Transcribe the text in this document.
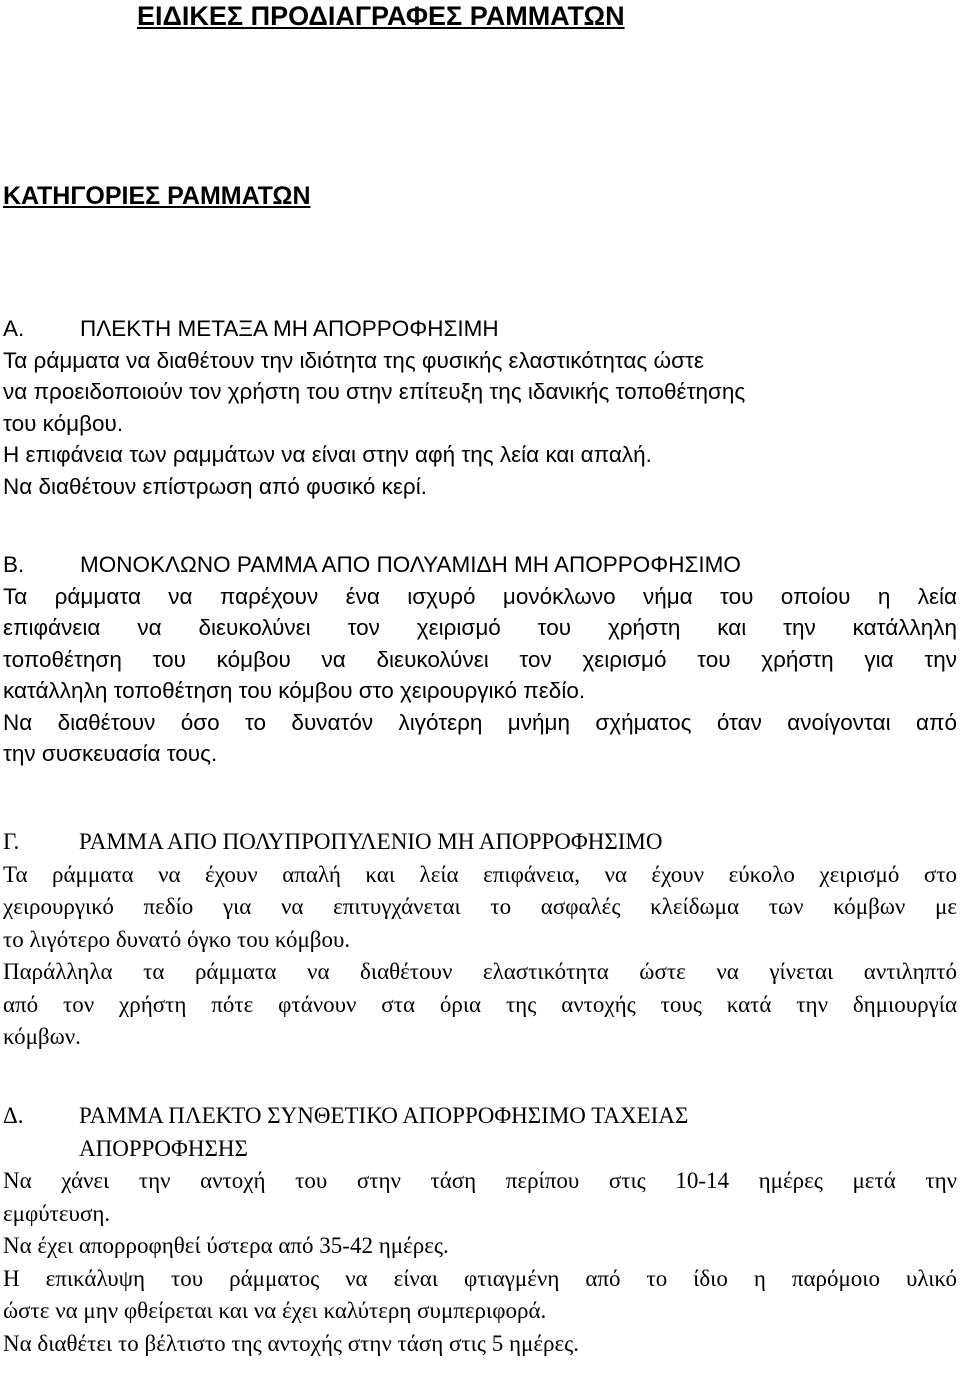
ΕΙΔΙΚΕΣ ΠΡΟΔΙΑΓΡΑΦΕΣ ΡΑΜΜΑΤΩΝ
ΚΑΤΗΓΟΡΙΕΣ ΡΑΜΜΑΤΩΝ
Α.	ΠΛΕΚΤΗ ΜΕΤΑΞΑ ΜΗ ΑΠΟΡΡΟΦΗΣΙΜΗ
Τα ράμματα να διαθέτουν την ιδιότητα της φυσικής ελαστικότητας ώστε
να προειδοποιούν τον χρήστη του στην επίτευξη της ιδανικής τοποθέτησης
του κόμβου.
Η επιφάνεια των ραμμάτων να είναι στην αφή της λεία και απαλή.
Να διαθέτουν επίστρωση από φυσικό κερί.
Β.	ΜΟΝΟΚΛΩΝΟ ΡΑΜΜΑ ΑΠΟ ΠΟΛΥΑΜΙΔΗ ΜΗ ΑΠΟΡΡΟΦΗΣΙΜΟ
Τα ράμματα να παρέχουν ένα ισχυρό μονόκλωνο νήμα του οποίου η λεία
επιφάνεια να διευκολύνει τον χειρισμό του χρήστη και την κατάλληλη
τοποθέτηση του κόμβου να διευκολύνει τον χειρισμό του χρήστη για την
κατάλληλη τοποθέτηση του κόμβου στο χειρουργικό πεδίο.
Να διαθέτουν όσο το δυνατόν λιγότερη μνήμη σχήματος όταν ανοίγονται από
την συσκευασία τους.
Γ.	ΡΑΜΜΑ ΑΠΟ ΠΟΛΥΠΡΟΠΥΛΕΝΙΟ ΜΗ ΑΠΟΡΡΟΦΗΣΙΜΟ
Τα ράμματα να έχουν απαλή και λεία επιφάνεια, να έχουν εύκολο χειρισμό στο
χειρουργικό πεδίο για να επιτυγχάνεται το ασφαλές κλείδωμα των κόμβων με
το λιγότερο δυνατό όγκο του κόμβου.
Παράλληλα τα ράμματα να διαθέτουν ελαστικότητα ώστε να γίνεται αντιληπτό
από τον χρήστη πότε φτάνουν στα όρια της αντοχής τους κατά την δημιουργία
κόμβων.
Δ.	ΡΑΜΜΑ ΠΛΕΚΤΟ ΣΥΝΘΕΤΙΚΟ ΑΠΟΡΡΟΦΗΣΙΜΟ ΤΑΧΕΙΑΣ
ΑΠΟΡΡΟΦΗΣΗΣ
Να χάνει την αντοχή του στην τάση περίπου στις 10-14 ημέρες μετά την
εμφύτευση.
Να έχει απορροφηθεί ύστερα από 35-42 ημέρες.
Η επικάλυψη του ράμματος να είναι φτιαγμένη από το ίδιο η παρόμοιο υλικό
ώστε να μην φθείρεται και να έχει καλύτερη συμπεριφορά.
Να διαθέτει το βέλτιστο της αντοχής στην τάση στις 5 ημέρες.
